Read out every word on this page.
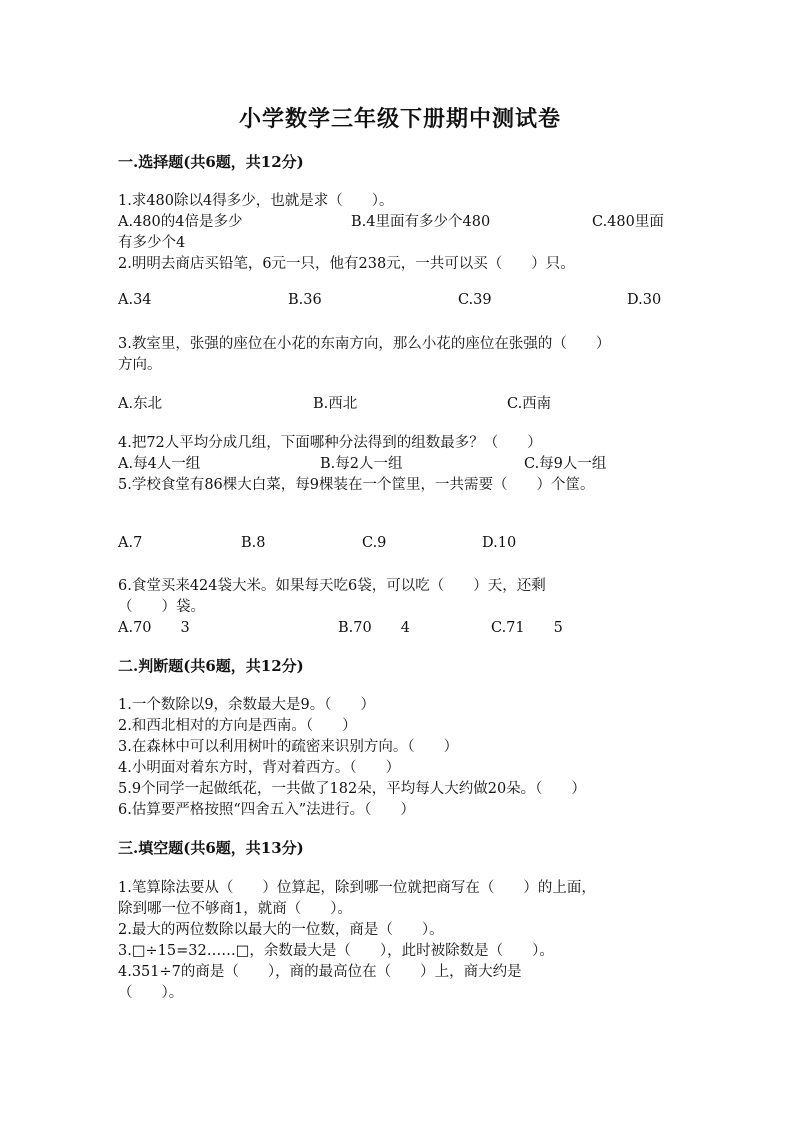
小学数学三年级下册期中测试卷
一.选择题(共6题，共12分)
1.求480除以4得多少，也就是求（　　）。
A.480的4倍是多少	B.4里面有多少个480	C.480里面
有多少个4
2.明明去商店买铅笔，6元一只，他有238元，一共可以买（　　）只。
A.34	B.36	C.39	D.30
3.教室里，张强的座位在小花的东南方向，那么小花的座位在张强的（　　）
方向。
A.东北	B.西北	C.西南
4.把72人平均分成几组，下面哪种分法得到的组数最多？（　　）
A.每4人一组	B.每2人一组	C.每9人一组
5.学校食堂有86棵大白菜，每9棵装在一个筐里，一共需要（　　）个筐。
A.7	B.8	C.9	D.10
6.食堂买来424袋大米。如果每天吃6袋，可以吃（　　）天，还剩
（　　）袋。
A.70　　3	B.70　　4	C.71　　5
二.判断题(共6题，共12分)
1.一个数除以9，余数最大是9。（　　）
2.和西北相对的方向是西南。（　　）
3.在森林中可以利用树叶的疏密来识别方向。（　　）
4.小明面对着东方时，背对着西方。（　　）
5.9个同学一起做纸花，一共做了182朵，平均每人大约做20朵。（　　）
6.估算要严格按照“四舍五入”法进行。（　　）
三.填空题(共6题，共13分)
1.笔算除法要从（　　）位算起，除到哪一位就把商写在（　　）的上面，
除到哪一位不够商1，就商（　　）。
2.最大的两位数除以最大的一位数，商是（　　）。
3.□÷15=32……□，余数最大是（　　），此时被除数是（　　）。
4.351÷7的商是（　　），商的最高位在（　　）上，商大约是
（　　）。
